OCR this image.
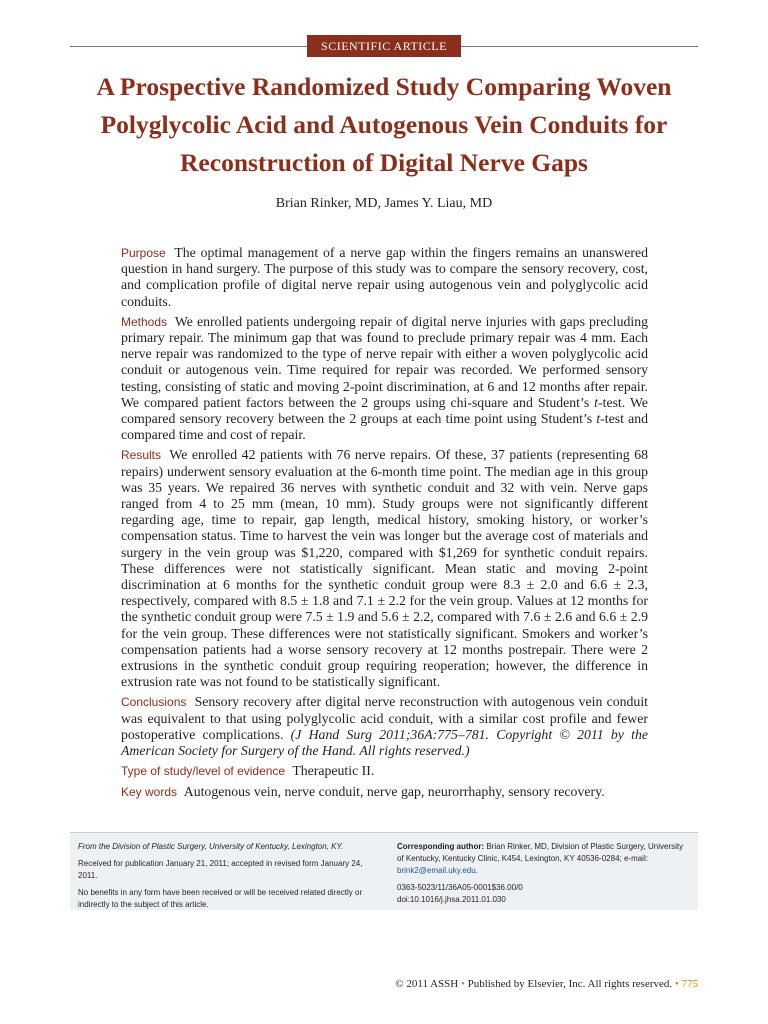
SCIENTIFIC ARTICLE
A Prospective Randomized Study Comparing Woven
Polyglycolic Acid and Autogenous Vein Conduits for
Reconstruction of Digital Nerve Gaps
Brian Rinker, MD, James Y. Liau, MD

Purpose The optimal management of a nerve gap within the fingers remains an unanswered question in hand surgery. The purpose of this study was to compare the sensory recovery, cost, and complication profile of digital nerve repair using autogenous vein and polyglycolic acid conduits.

Methods We enrolled patients undergoing repair of digital nerve injuries with gaps precluding primary repair. The minimum gap that was found to preclude primary repair was 4 mm. Each nerve repair was randomized to the type of nerve repair with either a woven polyglycolic acid conduit or autogenous vein. Time required for repair was recorded. We performed sensory testing, consisting of static and moving 2-point discrimination, at 6 and 12 months after repair. We compared patient factors between the 2 groups using chi-square and Student’s t-test. We compared sensory recovery between the 2 groups at each time point using Student’s t-test and compared time and cost of repair.

Results We enrolled 42 patients with 76 nerve repairs. Of these, 37 patients (representing 68 repairs) underwent sensory evaluation at the 6-month time point. The median age in this group was 35 years. We repaired 36 nerves with synthetic conduit and 32 with vein. Nerve gaps ranged from 4 to 25 mm (mean, 10 mm). Study groups were not significantly different regarding age, time to repair, gap length, medical history, smoking history, or worker’s compensation status. Time to harvest the vein was longer but the average cost of materials and surgery in the vein group was $1,220, compared with $1,269 for synthetic conduit repairs. These differences were not statistically significant. Mean static and moving 2-point discrimination at 6 months for the synthetic conduit group were 8.3 ± 2.0 and 6.6 ± 2.3, respectively, compared with 8.5 ± 1.8 and 7.1 ± 2.2 for the vein group. Values at 12 months for the synthetic conduit group were 7.5 ± 1.9 and 5.6 ± 2.2, compared with 7.6 ± 2.6 and 6.6 ± 2.9 for the vein group. These differences were not statistically significant. Smokers and worker’s compensation patients had a worse sensory recovery at 12 months postrepair. There were 2 extrusions in the synthetic conduit group requiring reoperation; however, the difference in extrusion rate was not found to be statistically significant.

Conclusions Sensory recovery after digital nerve reconstruction with autogenous vein conduit was equivalent to that using polyglycolic acid conduit, with a similar cost profile and fewer postoperative complications. (J Hand Surg 2011;36A:775–781. Copyright © 2011 by the American Society for Surgery of the Hand. All rights reserved.)

Type of study/level of evidence Therapeutic II.

Key words Autogenous vein, nerve conduit, nerve gap, neurorrhaphy, sensory recovery.

From the Division of Plastic Surgery, University of Kentucky, Lexington, KY.

Received for publication January 21, 2011; accepted in revised form January 24, 2011.

No benefits in any form have been received or will be received related directly or indirectly to the subject of this article.

Corresponding author: Brian Rinker, MD, Division of Plastic Surgery, University of Kentucky, Kentucky Clinic, K454, Lexington, KY 40536-0284; e-mail: brink2@email.uky.edu.

0363-5023/11/36A05-0001$36.00/0
doi:10.1016/j.jhsa.2011.01.030

© 2011 ASSH • Published by Elsevier, Inc. All rights reserved. • 775
